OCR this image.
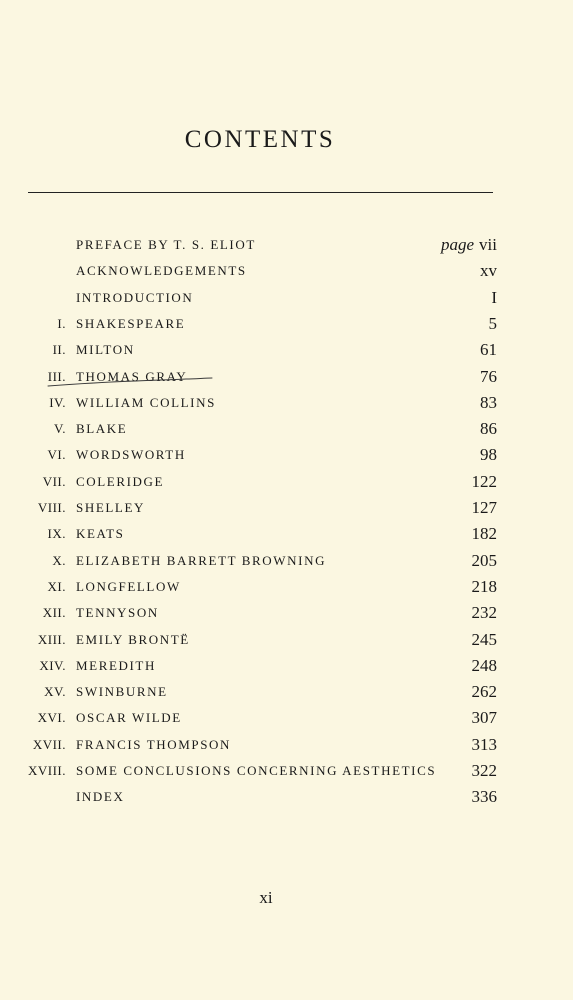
CONTENTS
PREFACE BY T. S. ELIOT	page vii
ACKNOWLEDGEMENTS	xv
INTRODUCTION	I
I. SHAKESPEARE	5
II. MILTON	61
III. THOMAS GRAY	76
IV. WILLIAM COLLINS	83
V. BLAKE	86
VI. WORDSWORTH	98
VII. COLERIDGE	122
VIII. SHELLEY	127
IX. KEATS	182
X. ELIZABETH BARRETT BROWNING	205
XI. LONGFELLOW	218
XII. TENNYSON	232
XIII. EMILY BRONTË	245
XIV. MEREDITH	248
XV. SWINBURNE	262
XVI. OSCAR WILDE	307
XVII. FRANCIS THOMPSON	313
XVIII. SOME CONCLUSIONS CONCERNING AESTHETICS 322
INDEX	336
xi
